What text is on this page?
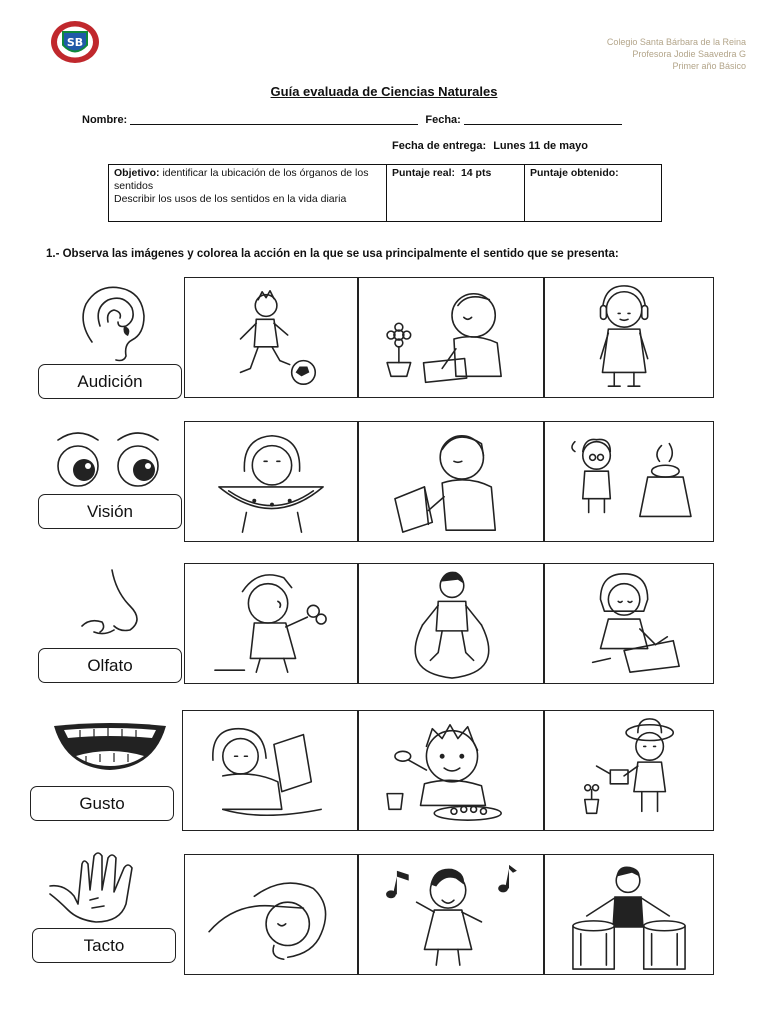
SB	Colegio Santa Bárbara de la Reina
Profesora Jodie Saavedra G
Primer año Básico
Guía evaluada de Ciencias Naturales
Nombre:	Fecha:
Fecha de entrega: Lunes 11 de mayo
Objetivo: identificar la ubicación de los órganos de los sentidos
Describir los usos de los sentidos en la vida diaria
Puntaje real: 14 pts	Puntaje obtenido:
1.- Observa las imágenes y colorea la acción en la que se usa principalmente el sentido que se presenta:
Audición
Visión
Olfato
Gusto
Tacto
